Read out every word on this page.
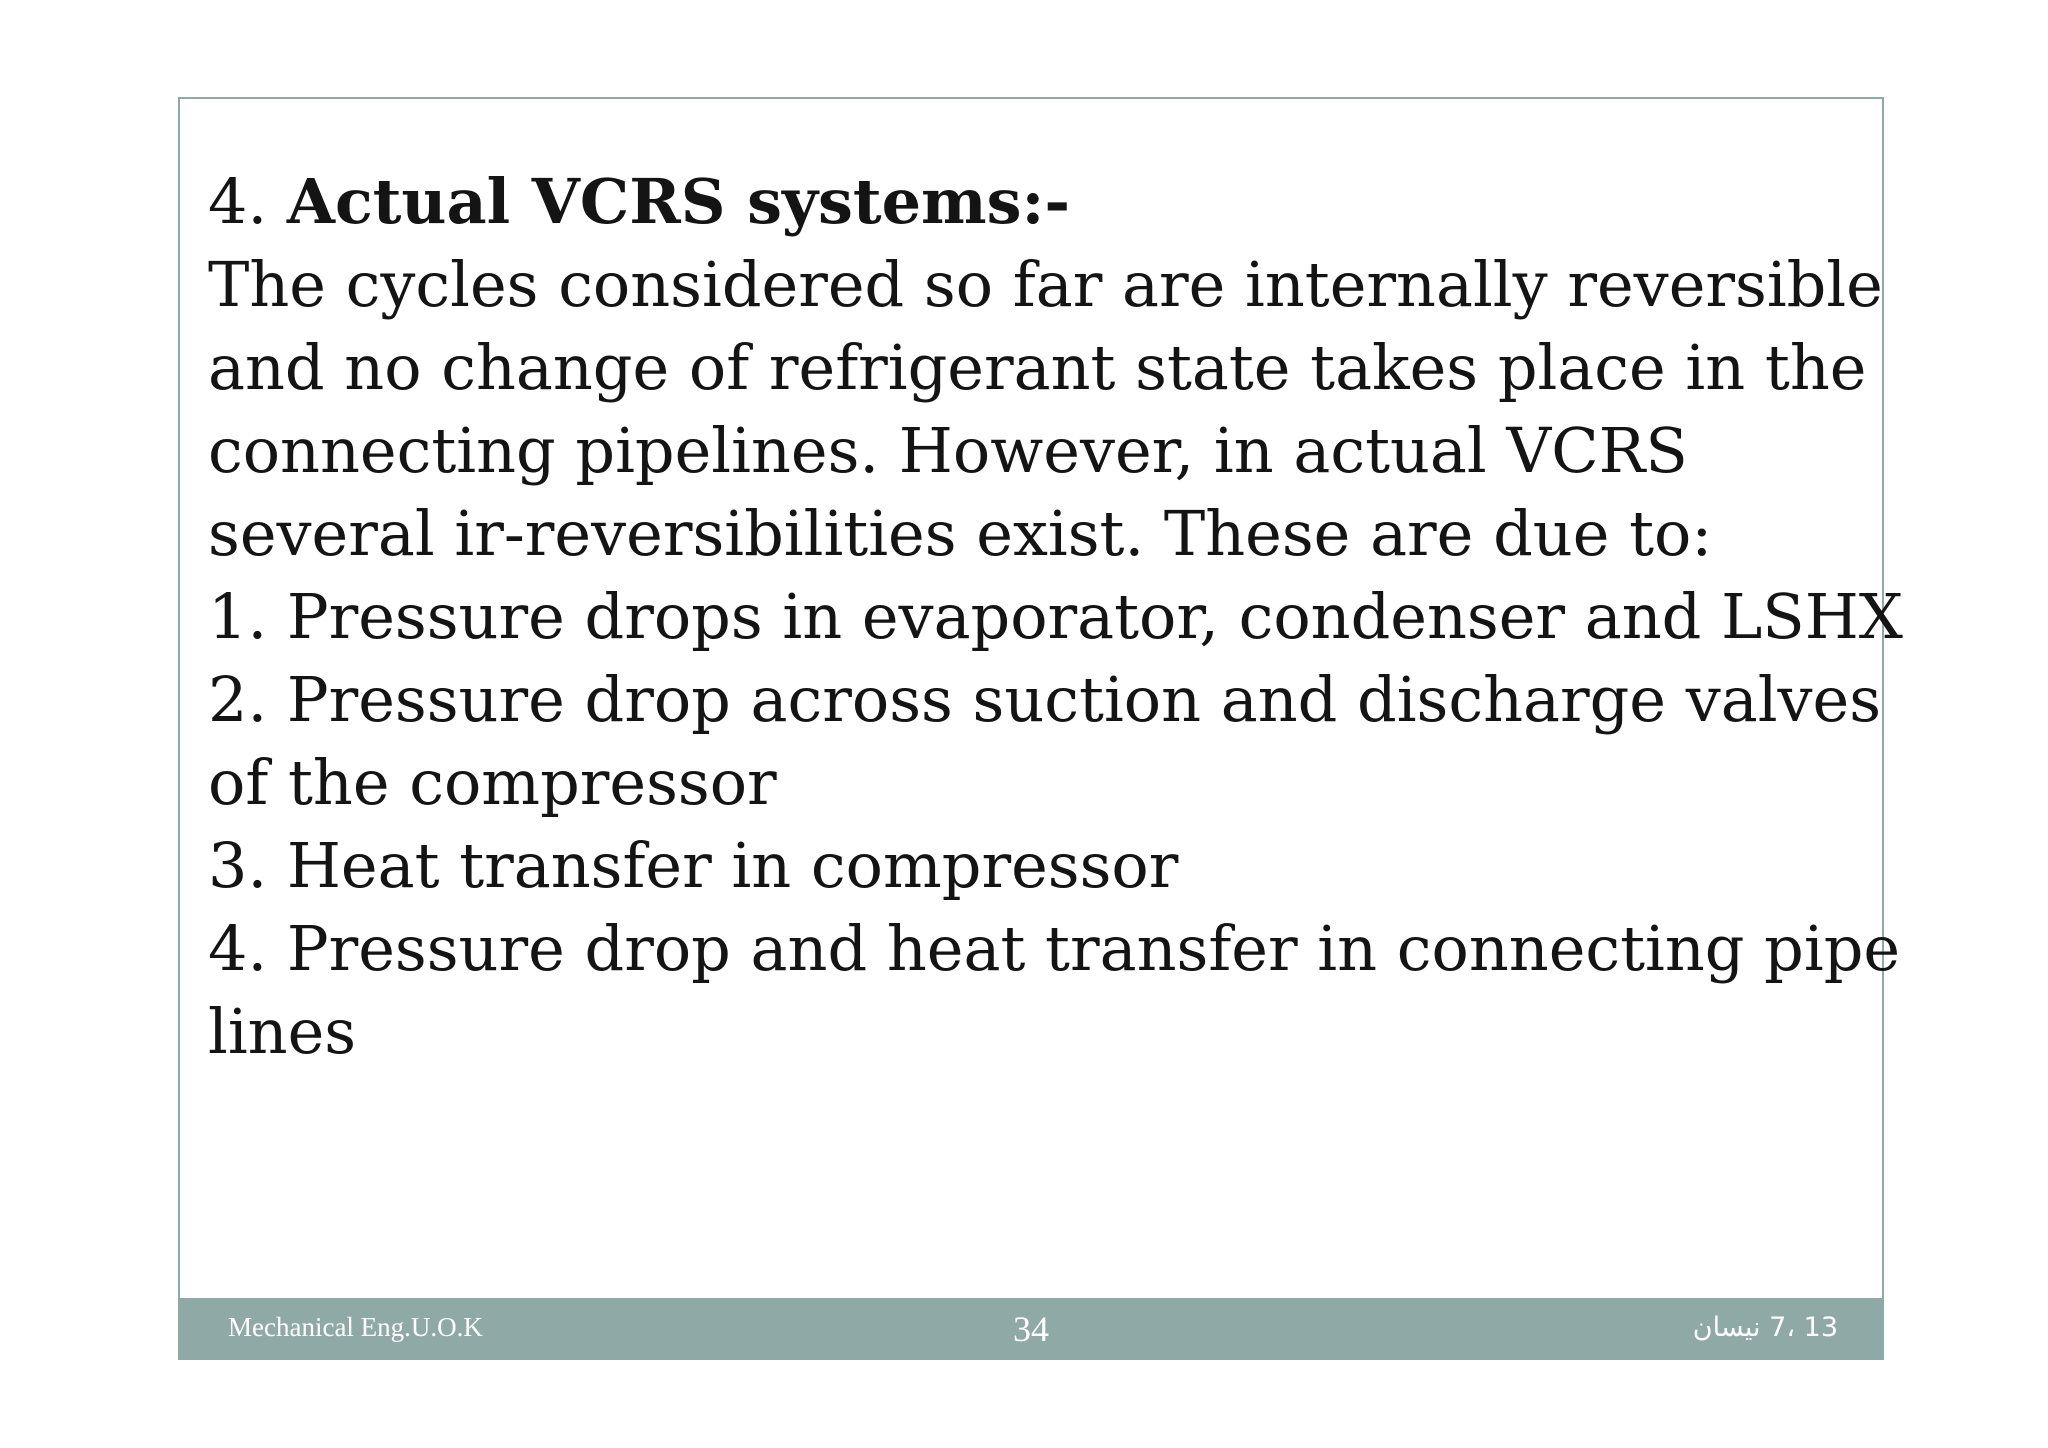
4. Actual VCRS systems:-

The cycles considered so far are internally reversible

and no change of refrigerant state takes place in the

connecting pipelines. However, in actual VCRS

several ir-reversibilities exist. These are due to:

1. Pressure drops in evaporator, condenser and LSHX

2. Pressure drop across suction and discharge valves

of the compressor

3. Heat transfer in compressor

4. Pressure drop and heat transfer in connecting pipe

lines

Mechanical Eng.U.O.K	34	13 ،7 نيسان
